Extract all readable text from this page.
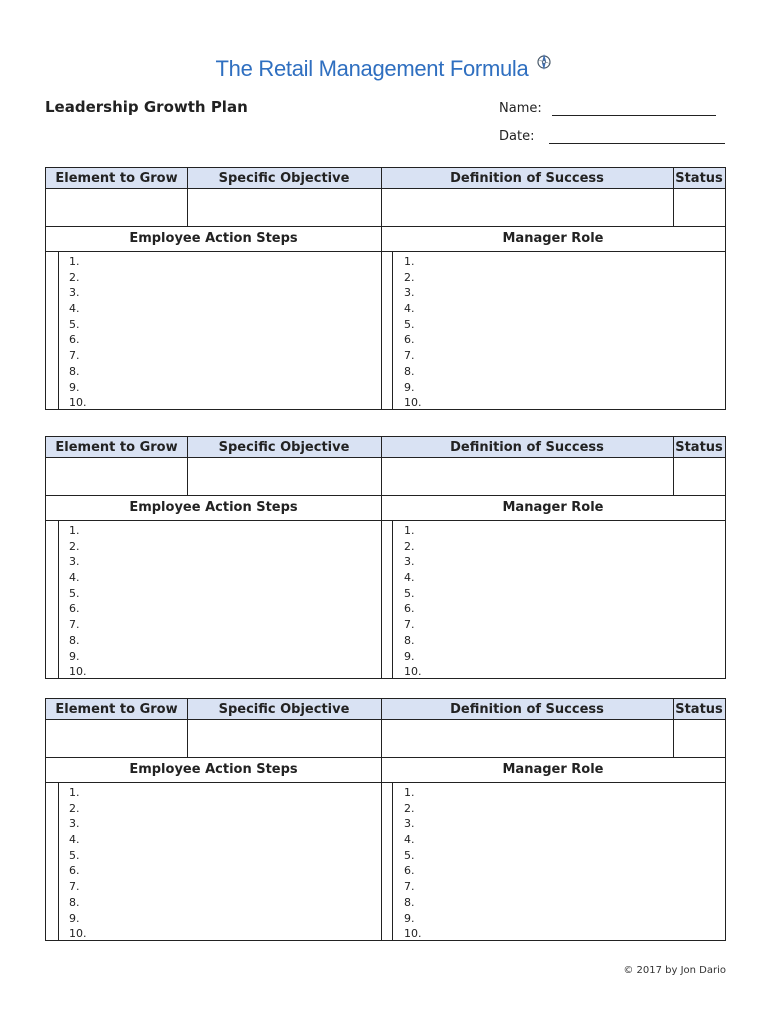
The Retail Management Formula
Leadership Growth Plan	Name:
Date:
Element to Grow	Specific Objective	Definition of Success	Status
Employee Action Steps	Manager Role
1.
2.
3.
4.
5.
6.
7.
8.
9.
10.
1.
2.
3.
4.
5.
6.
7.
8.
9.
10.
Element to Grow	Specific Objective	Definition of Success	Status
Employee Action Steps	Manager Role
1.
2.
3.
4.
5.
6.
7.
8.
9.
10.
1.
2.
3.
4.
5.
6.
7.
8.
9.
10.
Element to Grow	Specific Objective	Definition of Success	Status
Employee Action Steps	Manager Role
1.
2.
3.
4.
5.
6.
7.
8.
9.
10.
1.
2.
3.
4.
5.
6.
7.
8.
9.
10.
© 2017 by Jon Dario
